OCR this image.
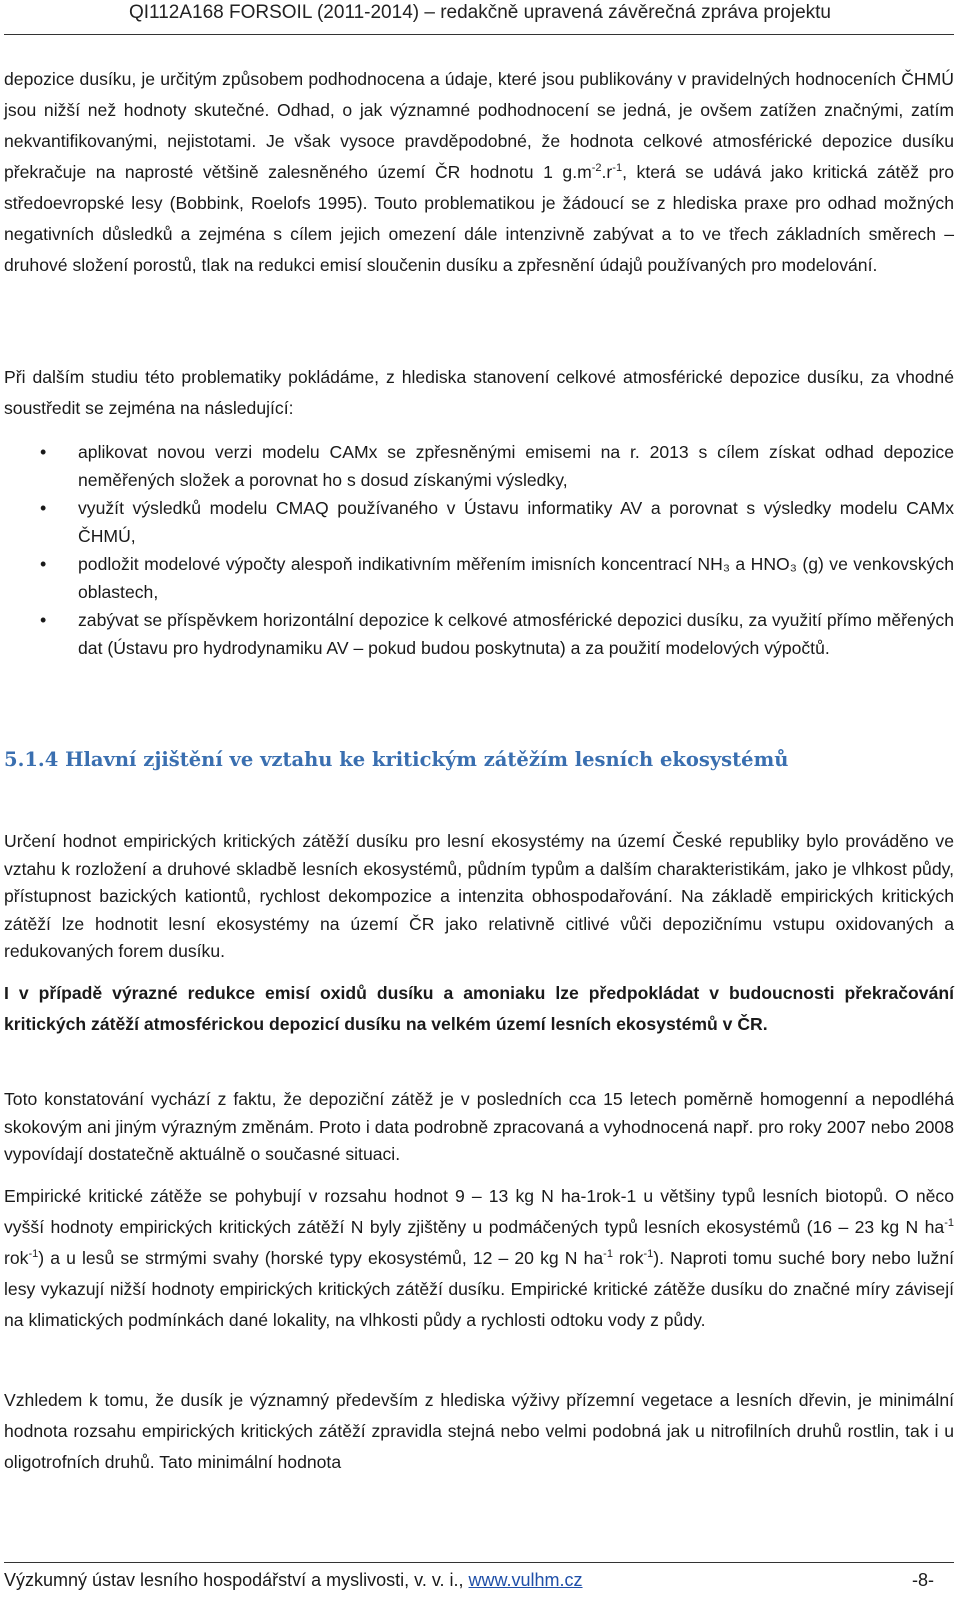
QI112A168 FORSOIL (2011-2014) – redakčně upravená závěrečná zpráva projektu

depozice dusíku, je určitým způsobem podhodnocena a údaje, které jsou publikovány v pravidelných hodnoceních ČHMÚ jsou nižší než hodnoty skutečné. Odhad, o jak významné podhodnocení se jedná, je ovšem zatížen značnými, zatím nekvantifikovanými, nejistotami. Je však vysoce pravděpodobné, že hodnota celkové atmosférické depozice dusíku překračuje na naprosté většině zalesněného území ČR hodnotu 1 $g.m^{-2}.r^{-1}$, která se udává jako kritická zátěž pro středoevropské lesy (Bobbink, Roelofs 1995). Touto problematikou je žádoucí se z hlediska praxe pro odhad možných negativních důsledků a zejména s cílem jejich omezení dále intenzivně zabývat a to ve třech základních směrech – druhové složení porostů, tlak na redukci emisí sloučenin dusíku a zpřesnění údajů používaných pro modelování.

Při dalším studiu této problematiky pokládáme, z hlediska stanovení celkové atmosférické depozice dusíku, za vhodné soustředit se zejména na následující:

• aplikovat novou verzi modelu CAMx se zpřesněnými emisemi na r. 2013 s cílem získat odhad depozice neměřených složek a porovnat ho s dosud získanými výsledky,
• využít výsledků modelu CMAQ používaného v Ústavu informatiky AV a porovnat s výsledky modelu CAMx ČHMÚ,
• podložit modelové výpočty alespoň indikativním měřením imisních koncentrací NH₃ a HNO₃ (g) ve venkovských oblastech,
• zabývat se příspěvkem horizontální depozice k celkové atmosférické depozici dusíku, za využití přímo měřených dat (Ústavu pro hydrodynamiku AV – pokud budou poskytnuta) a za použití modelových výpočtů.
5.1.4 Hlavní zjištění ve vztahu ke kritickým zátěžím lesních ekosystémů

Určení hodnot empirických kritických zátěží dusíku pro lesní ekosystémy na území České republiky bylo prováděno ve vztahu k rozložení a druhové skladbě lesních ekosystémů, půdním typům a dalším charakteristikám, jako je vlhkost půdy, přístupnost bazických kationtů, rychlost dekompozice a intenzita obhospodařování. Na základě empirických kritických zátěží lze hodnotit lesní ekosystémy na území ČR jako relativně citlivé vůči depozičnímu vstupu oxidovaných a redukovaných forem dusíku.

I v případě výrazné redukce emisí oxidů dusíku a amoniaku lze předpokládat v budoucnosti překračování kritických zátěží atmosférickou depozicí dusíku na velkém území lesních ekosystémů v ČR.

Toto konstatování vychází z faktu, že depoziční zátěž je v posledních cca 15 letech poměrně homogenní a nepodléhá skokovým ani jiným výrazným změnám. Proto i data podrobně zpracovaná a vyhodnocená např. pro roky 2007 nebo 2008 vypovídají dostatečně aktuálně o současné situaci.

Empirické kritické zátěže se pohybují v rozsahu hodnot 9 – 13 kg N ha-1rok-1 u většiny typů lesních biotopů. O něco vyšší hodnoty empirických kritických zátěží N byly zjištěny u podmáčených typů lesních ekosystémů (16 – 23 kg N $ha^{-1}$ rok$^{-1}$) a u lesů se strmými svahy (horské typy ekosystémů, 12 – 20 kg N $ha^{-1}$ rok$^{-1}$). Naproti tomu suché bory nebo lužní lesy vykazují nižší hodnoty empirických kritických zátěží dusíku. Empirické kritické zátěže dusíku do značné míry závisejí na klimatických podmínkách dané lokality, na vlhkosti půdy a rychlosti odtoku vody z půdy.

Vzhledem k tomu, že dusík je významný především z hlediska výživy přízemní vegetace a lesních dřevin, je minimální hodnota rozsahu empirických kritických zátěží zpravidla stejná nebo velmi podobná jak u nitrofilních druhů rostlin, tak i u oligotrofních druhů. Tato minimální hodnota

Výzkumný ústav lesního hospodářství a myslivosti, v. v. i., www.vulhm.cz	-8-
